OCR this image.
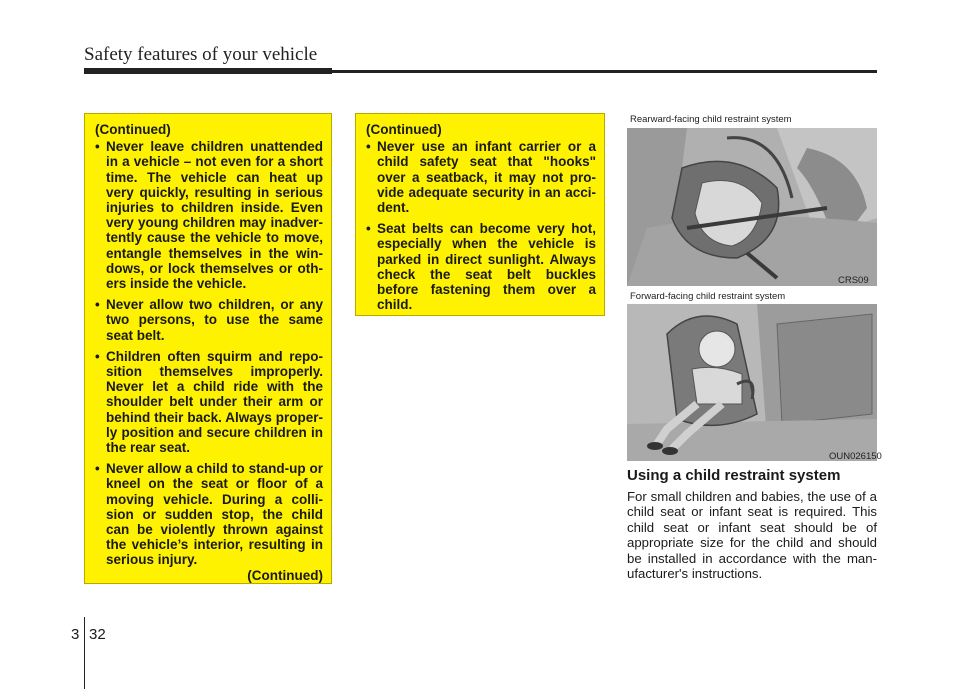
Safety features of your vehicle
(Continued)
• Never leave children unattended in a vehicle – not even for a short time. The vehicle can heat up very quickly, resulting in serious injuries to children inside. Even very young children may inadver-tently cause the vehicle to move, entangle themselves in the win-dows, or lock themselves or oth-ers inside the vehicle.
• Never allow two children, or any two persons, to use the same seat belt.
• Children often squirm and repo-sition themselves improperly. Never let a child ride with the shoulder belt under their arm or behind their back. Always proper-ly position and secure children in the rear seat.
• Never allow a child to stand-up or kneel on the seat or floor of a moving vehicle. During a colli-sion or sudden stop, the child can be violently thrown against the vehicle’s interior, resulting in serious injury.
(Continued)
(Continued)
• Never use an infant carrier or a child safety seat that "hooks" over a seatback, it may not pro-vide adequate security in an acci-dent.
• Seat belts can become very hot, especially when the vehicle is parked in direct sunlight. Always check the seat belt buckles before fastening them over a child.
Rearward-facing child restraint system
CRS09
Forward-facing child restraint system
OUN026150
Using a child restraint system
For small children and babies, the use of a child seat or infant seat is required. This child seat or infant seat should be of appropriate size for the child and should be installed in accordance with the man-ufacturer's instructions.
3 32
